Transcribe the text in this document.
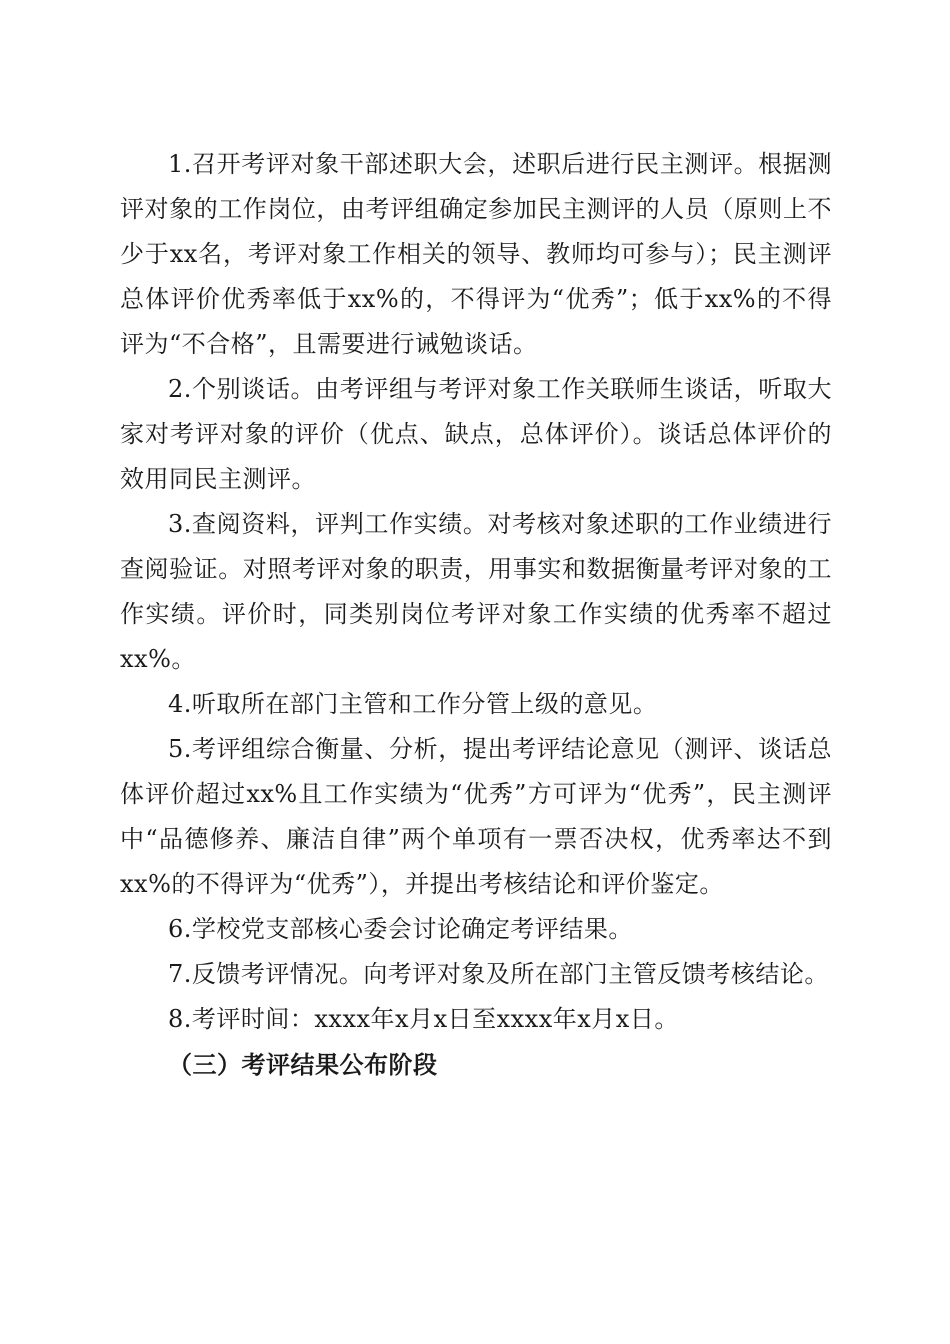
1.召开考评对象干部述职大会，述职后进行民主测评。根据测评对象的工作岗位，由考评组确定参加民主测评的人员（原则上不少于xx名，考评对象工作相关的领导、教师均可参与）；民主测评总体评价优秀率低于xx%的，不得评为“优秀”；低于xx%的不得评为“不合格”，且需要进行诫勉谈话。

2.个别谈话。由考评组与考评对象工作关联师生谈话，听取大家对考评对象的评价（优点、缺点，总体评价）。谈话总体评价的效用同民主测评。

3.查阅资料，评判工作实绩。对考核对象述职的工作业绩进行查阅验证。对照考评对象的职责，用事实和数据衡量考评对象的工作实绩。评价时，同类别岗位考评对象工作实绩的优秀率不超过xx%。

4.听取所在部门主管和工作分管上级的意见。

5.考评组综合衡量、分析，提出考评结论意见（测评、谈话总体评价超过xx%且工作实绩为“优秀”方可评为“优秀”，民主测评中“品德修养、廉洁自律”两个单项有一票否决权，优秀率达不到xx%的不得评为“优秀”），并提出考核结论和评价鉴定。

6.学校党支部核心委会讨论确定考评结果。

7.反馈考评情况。向考评对象及所在部门主管反馈考核结论。

8.考评时间：xxxx年x月x日至xxxx年x月x日。

（三）考评结果公布阶段
